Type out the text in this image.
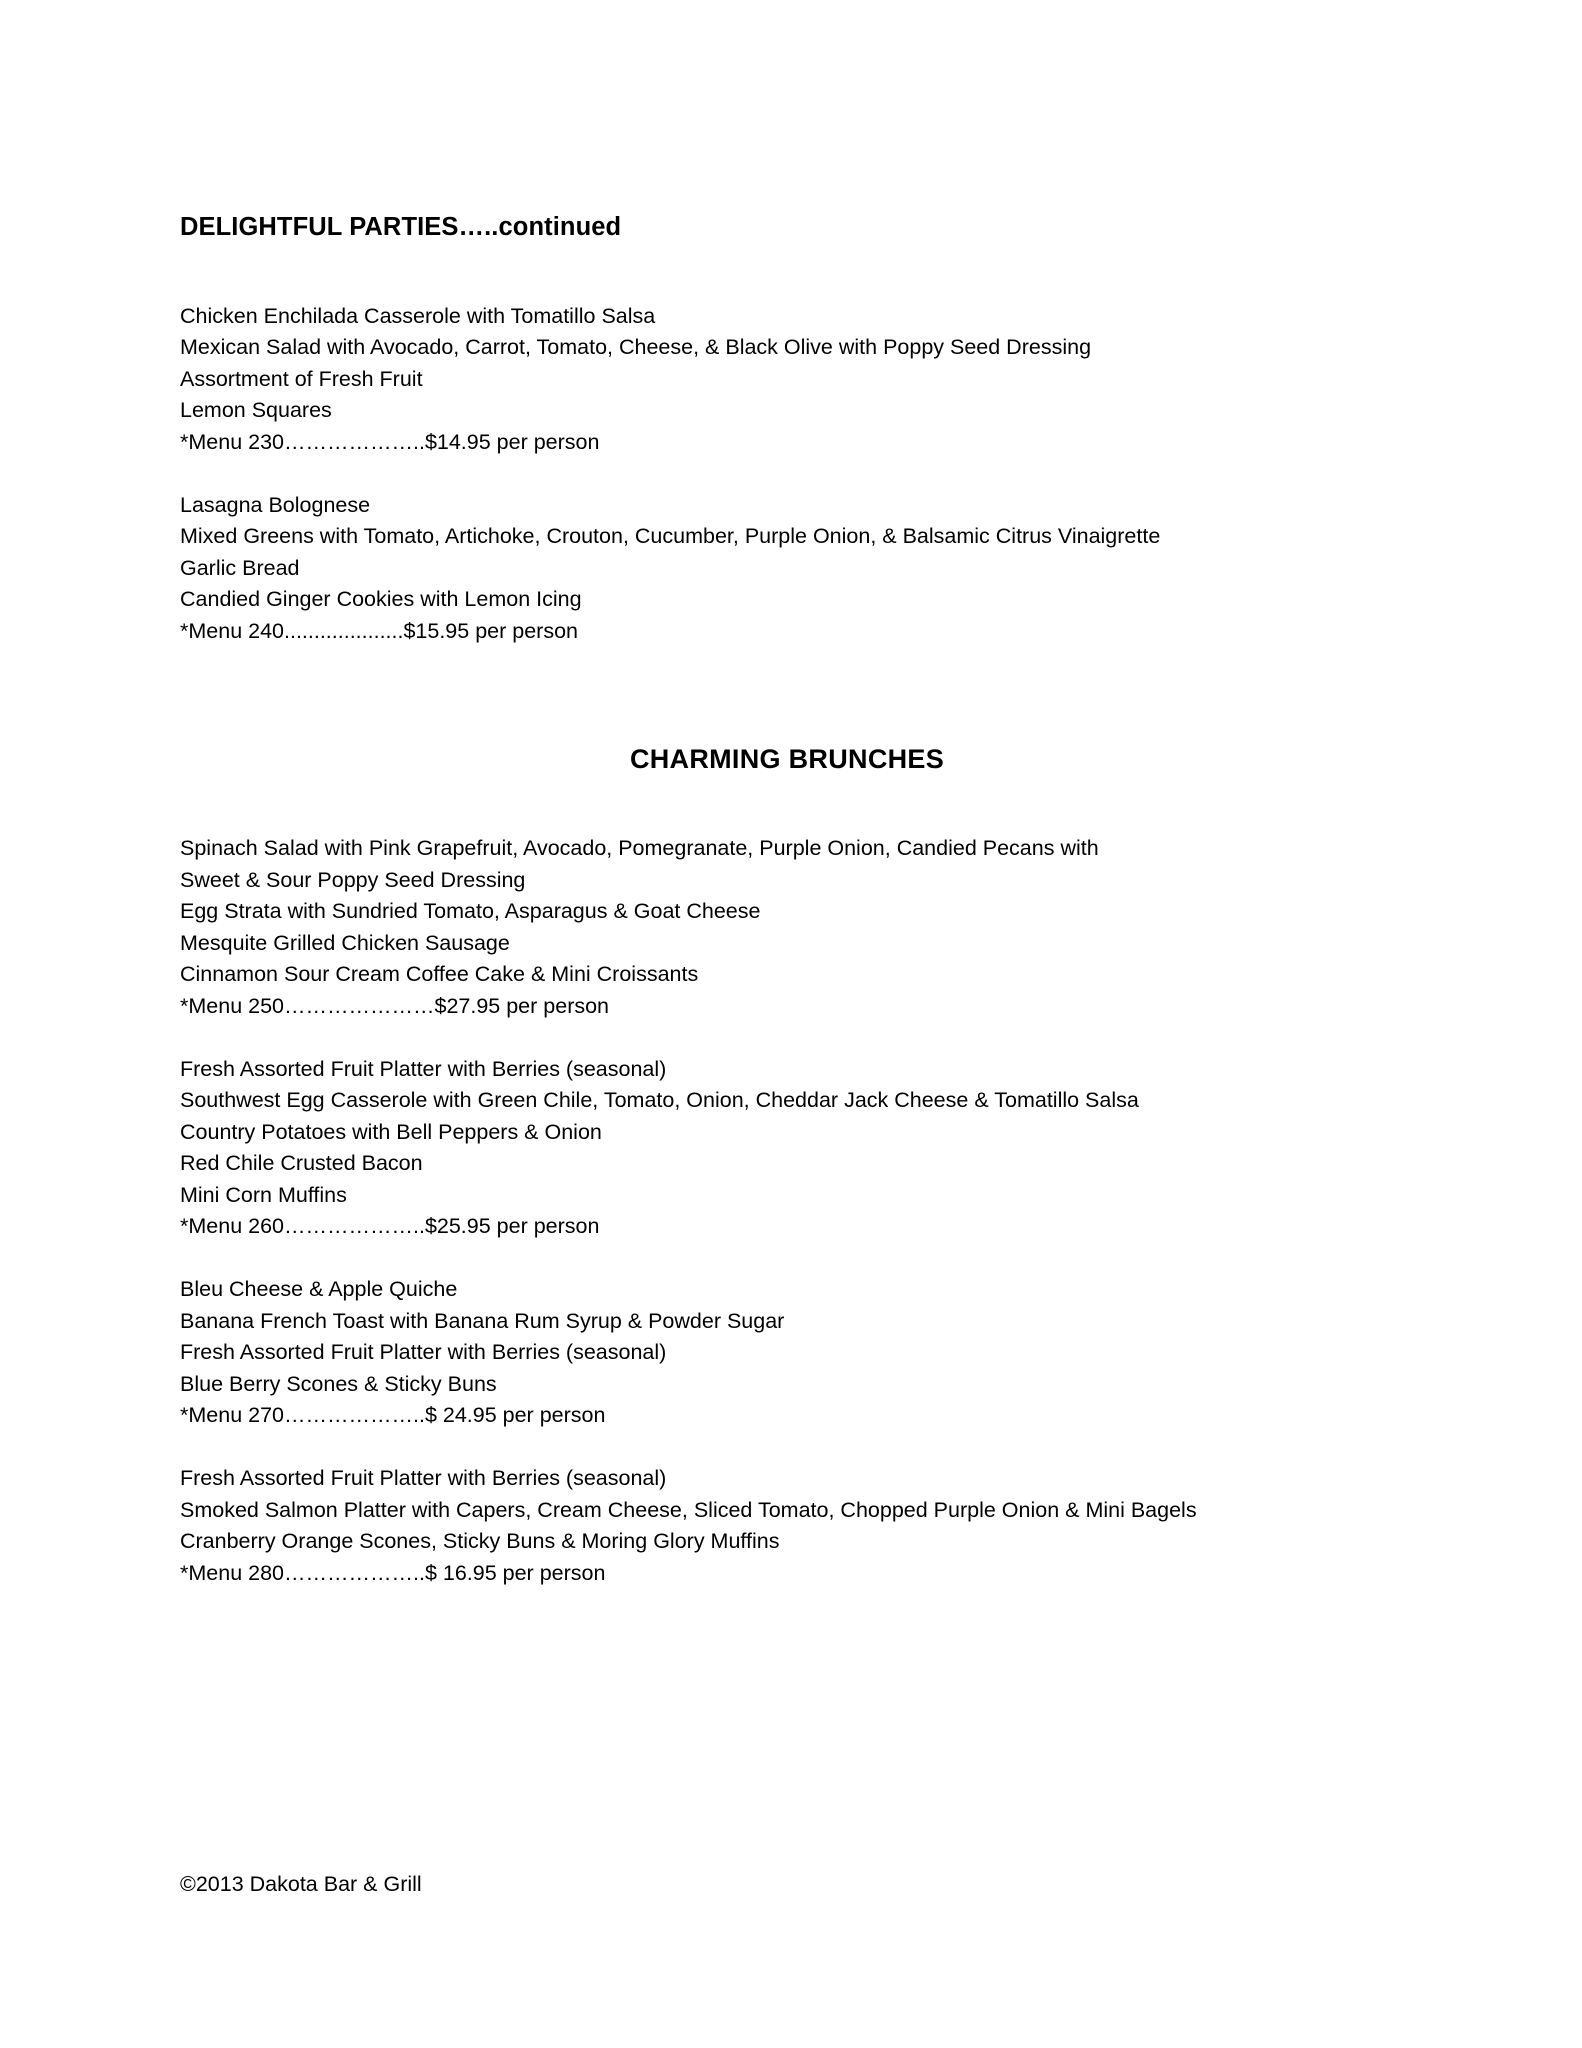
DELIGHTFUL PARTIES…..continued
Chicken Enchilada Casserole with Tomatillo Salsa
Mexican Salad with Avocado, Carrot, Tomato, Cheese, & Black Olive with Poppy Seed Dressing
Assortment of Fresh Fruit
Lemon Squares
*Menu 230………………..$14.95 per person
Lasagna Bolognese
Mixed Greens with Tomato, Artichoke, Crouton, Cucumber, Purple Onion, & Balsamic Citrus Vinaigrette
Garlic Bread
Candied Ginger Cookies with Lemon Icing
*Menu 240....................$15.95 per person
CHARMING BRUNCHES
Spinach Salad with Pink Grapefruit, Avocado, Pomegranate, Purple Onion, Candied Pecans with
Sweet & Sour Poppy Seed Dressing
Egg Strata with Sundried Tomato, Asparagus & Goat Cheese
Mesquite Grilled Chicken Sausage
Cinnamon Sour Cream Coffee Cake & Mini Croissants
*Menu 250…………………$27.95 per person
Fresh Assorted Fruit Platter with Berries (seasonal)
Southwest Egg Casserole with Green Chile, Tomato, Onion, Cheddar Jack Cheese & Tomatillo Salsa
Country Potatoes with Bell Peppers & Onion
Red Chile Crusted Bacon
Mini Corn Muffins
*Menu 260………………..$25.95 per person
Bleu Cheese & Apple Quiche
Banana French Toast with Banana Rum Syrup & Powder Sugar
Fresh Assorted Fruit Platter with Berries (seasonal)
Blue Berry Scones & Sticky Buns
*Menu 270………………..$ 24.95 per person
Fresh Assorted Fruit Platter with Berries (seasonal)
Smoked Salmon Platter with Capers, Cream Cheese, Sliced Tomato, Chopped Purple Onion & Mini Bagels
Cranberry Orange Scones, Sticky Buns & Moring Glory Muffins
*Menu 280………………..$ 16.95 per person
©2013 Dakota Bar & Grill
